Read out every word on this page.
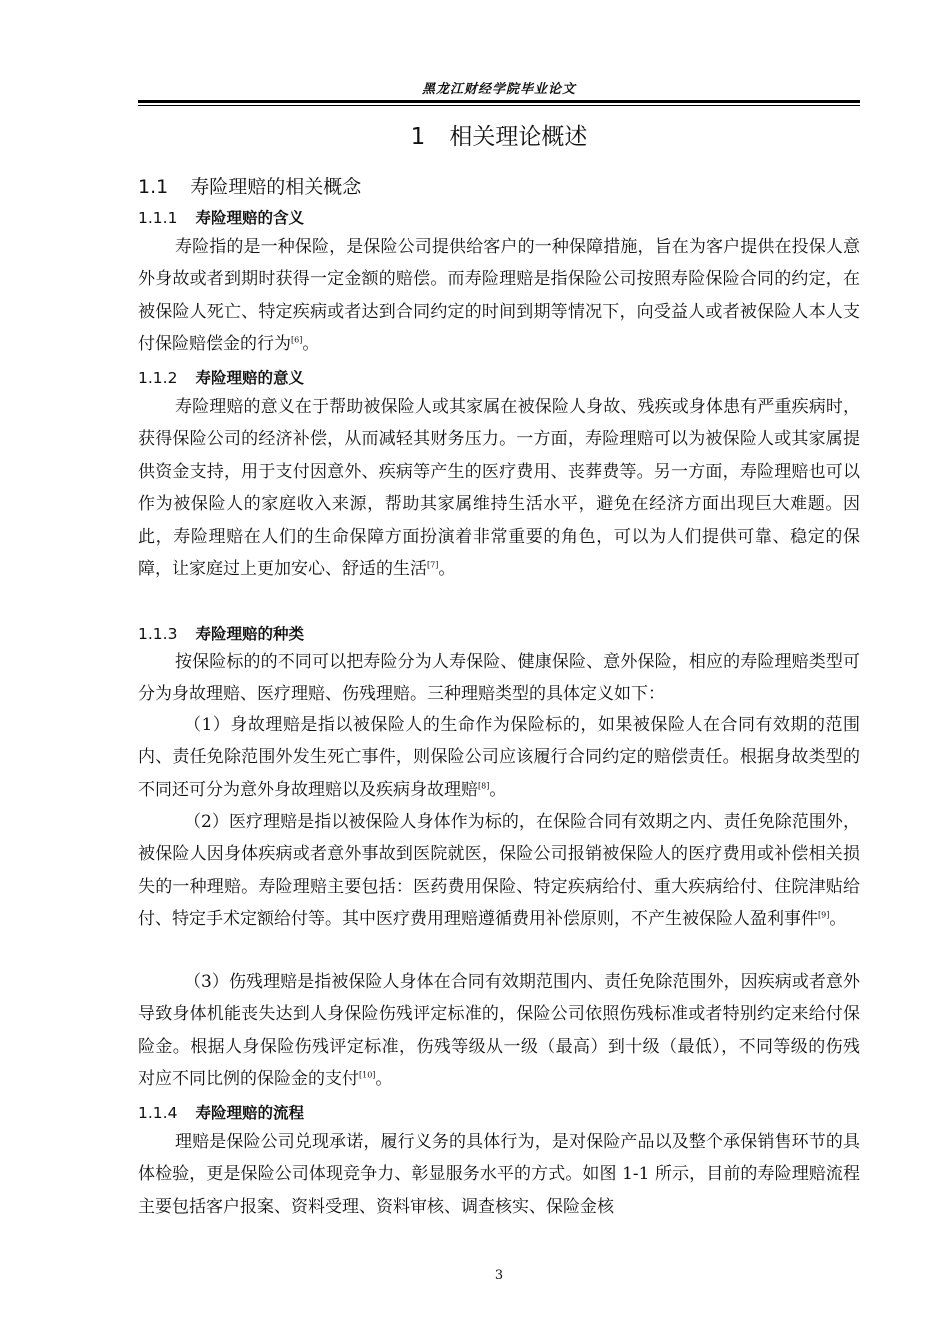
黑龙江财经学院毕业论文
1 相关理论概述
1.1 寿险理赔的相关概念
1.1.1 寿险理赔的含义

寿险指的是一种保险，是保险公司提供给客户的一种保障措施，旨在为客户提供在投保人意外身故或者到期时获得一定金额的赔偿。而寿险理赔是指保险公司按照寿险保险合同的约定，在被保险人死亡、特定疾病或者达到合同约定的时间到期等情况下，向受益人或者被保险人本人支付保险赔偿金的行为[6]。

1.1.2 寿险理赔的意义

寿险理赔的意义在于帮助被保险人或其家属在被保险人身故、残疾或身体患有严重疾病时，获得保险公司的经济补偿，从而减轻其财务压力。一方面，寿险理赔可以为被保险人或其家属提供资金支持，用于支付因意外、疾病等产生的医疗费用、丧葬费等。另一方面，寿险理赔也可以作为被保险人的家庭收入来源，帮助其家属维持生活水平，避免在经济方面出现巨大难题。因此，寿险理赔在人们的生命保障方面扮演着非常重要的角色，可以为人们提供可靠、稳定的保障，让家庭过上更加安心、舒适的生活[7]。

1.1.3 寿险理赔的种类

按保险标的的不同可以把寿险分为人寿保险、健康保险、意外保险，相应的寿险理赔类型可分为身故理赔、医疗理赔、伤残理赔。三种理赔类型的具体定义如下：

（1）身故理赔是指以被保险人的生命作为保险标的，如果被保险人在合同有效期的范围内、责任免除范围外发生死亡事件，则保险公司应该履行合同约定的赔偿责任。根据身故类型的不同还可分为意外身故理赔以及疾病身故理赔[8]。

（2）医疗理赔是指以被保险人身体作为标的，在保险合同有效期之内、责任免除范围外，被保险人因身体疾病或者意外事故到医院就医，保险公司报销被保险人的医疗费用或补偿相关损失的一种理赔。寿险理赔主要包括：医药费用保险、特定疾病给付、重大疾病给付、住院津贴给付、特定手术定额给付等。其中医疗费用理赔遵循费用补偿原则，不产生被保险人盈利事件[9]。

（3）伤残理赔是指被保险人身体在合同有效期范围内、责任免除范围外，因疾病或者意外导致身体机能丧失达到人身保险伤残评定标准的，保险公司依照伤残标准或者特别约定来给付保险金。根据人身保险伤残评定标准，伤残等级从一级（最高）到十级（最低），不同等级的伤残对应不同比例的保险金的支付[10]。

1.1.4 寿险理赔的流程

理赔是保险公司兑现承诺，履行义务的具体行为，是对保险产品以及整个承保销售环节的具体检验，更是保险公司体现竞争力、彰显服务水平的方式。如图 1-1 所示，目前的寿险理赔流程主要包括客户报案、资料受理、资料审核、调查核实、保险金核

3
